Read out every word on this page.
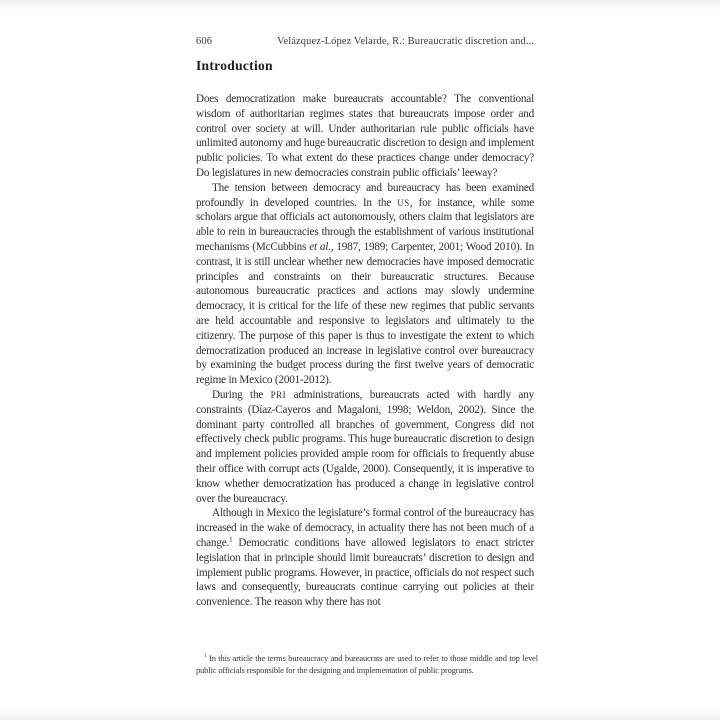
606	Velázquez-López Velarde, R.: Bureaucratic discretion and...
Introduction

Does democratization make bureaucrats accountable? The conventional wisdom of authoritarian regimes states that bureaucrats impose order and control over society at will. Under authoritarian rule public officials have unlimited autonomy and huge bureaucratic discretion to design and implement public policies. To what extent do these practices change under democracy? Do legislatures in new democracies constrain public officials’ leeway?

The tension between democracy and bureaucracy has been examined profoundly in developed countries. In the US, for instance, while some scholars argue that officials act autonomously, others claim that legislators are able to rein in bureaucracies through the establishment of various institutional mechanisms (McCubbins et al., 1987, 1989; Carpenter, 2001; Wood 2010). In contrast, it is still unclear whether new democracies have imposed democratic principles and constraints on their bureaucratic structures. Because autonomous bureaucratic practices and actions may slowly undermine democracy, it is critical for the life of these new regimes that public servants are held accountable and responsive to legislators and ultimately to the citizenry. The purpose of this paper is thus to investigate the extent to which democratization produced an increase in legislative control over bureaucracy by examining the budget process during the first twelve years of democratic regime in Mexico (2001-2012).

During the PRI administrations, bureaucrats acted with hardly any constraints (Díaz-Cayeros and Magaloni, 1998; Weldon, 2002). Since the dominant party controlled all branches of government, Congress did not effectively check public programs. This huge bureaucratic discretion to design and implement policies provided ample room for officials to frequently abuse their office with corrupt acts (Ugalde, 2000). Consequently, it is imperative to know whether democratization has produced a change in legislative control over the bureaucracy.

Although in Mexico the legislature’s formal control of the bureaucracy has increased in the wake of democracy, in actuality there has not been much of a change.$^1$ Democratic conditions have allowed legislators to enact stricter legislation that in principle should limit bureaucrats’ discretion to design and implement public programs. However, in practice, officials do not respect such laws and consequently, bureaucrats continue carrying out policies at their convenience. The reason why there has not

$^1$ In this article the terms bureaucracy and bureaucrats are used to refer to those middle and top level public officials responsible for the designing and implementation of public programs.
